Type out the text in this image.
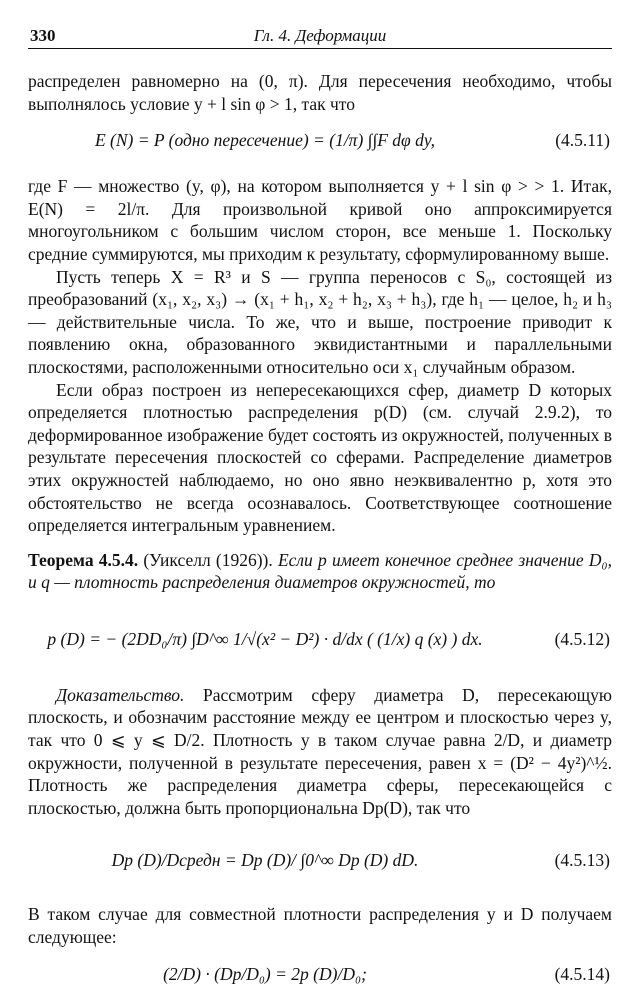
330	Гл. 4. Деформации

распределен равномерно на (0, π). Для пересечения необходимо, чтобы выполнялось условие y + l sin φ > 1, так что

E (N) = P (одно пересечение) = (1/π) ∫∫F dφ dy,	(4.5.11)

где F — множество (y, φ), на котором выполняется y + l sin φ > > 1. Итак, E(N) = 2l/π. Для произвольной кривой оно аппроксимируется многоугольником с большим числом сторон, все меньше 1. Поскольку средние суммируются, мы приходим к результату, сформулированному выше.

Пусть теперь X = R³ и S — группа переносов с S₀, состоящей из преобразований (x₁, x₂, x₃) → (x₁ + h₁, x₂ + h₂, x₃ + h₃), где h₁ — целое, h₂ и h₃ — действительные числа. То же, что и выше, построение приводит к появлению окна, образованного эквидистантными и параллельными плоскостями, расположенными относительно оси x₁ случайным образом.

Если образ построен из непересекающихся сфер, диаметр D которых определяется плотностью распределения p(D) (см. случай 2.9.2), то деформированное изображение будет состоять из окружностей, полученных в результате пересечения плоскостей со сферами. Распределение диаметров этих окружностей наблюдаемо, но оно явно неэквивалентно p, хотя это обстоятельство не всегда осознавалось. Соответствующее соотношение определяется интегральным уравнением.

Теорема 4.5.4. (Уикселл (1926)). Если p имеет конечное среднее значение D₀, и q — плотность распределения диаметров окружностей, то

p (D) = − (2DD₀/π) ∫D^∞ 1/√(x² − D²) · d/dx ( (1/x) q (x) ) dx.	(4.5.12)

Доказательство. Рассмотрим сферу диаметра D, пересекающую плоскость, и обозначим расстояние между ее центром и плоскостью через y, так что 0 ⩽ y ⩽ D/2. Плотность y в таком случае равна 2/D, и диаметр окружности, полученной в результате пересечения, равен x = (D² − 4y²)^½. Плотность же распределения диаметра сферы, пересекающейся с плоскостью, должна быть пропорциональна Dp(D), так что

Dp (D)/Dсредн = Dp (D)/ ∫0^∞ Dp (D) dD.	(4.5.13)

В таком случае для совместной плотности распределения y и D получаем следующее:

(2/D) · (Dp/D₀) = 2p (D)/D₀;	(4.5.14)
